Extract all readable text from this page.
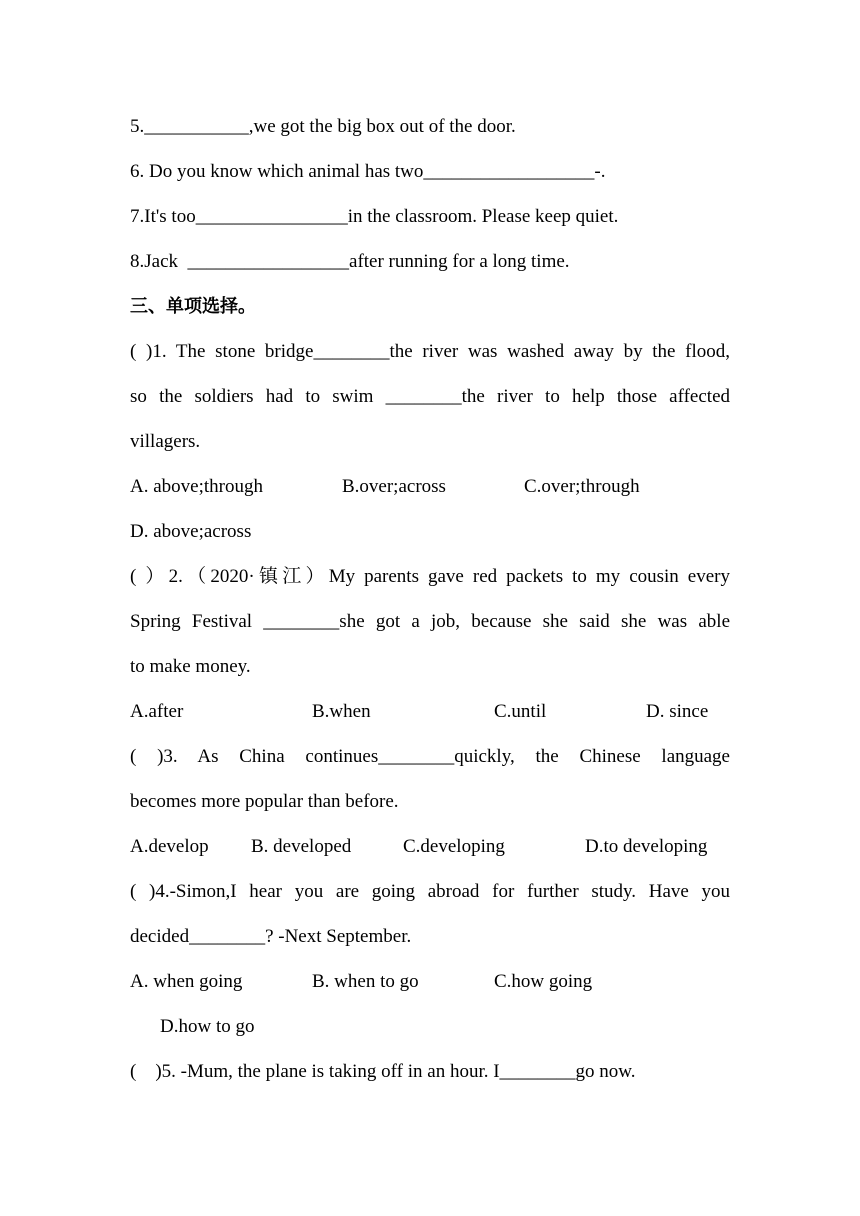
5.___________,we got the big box out of the door.
6. Do you know which animal has two__________________-.
7.It's too________________in the classroom. Please keep quiet.
8.Jack  _________________after running for a long time.
三、单项选择。
( )1. The stone bridge________the river was washed away by the flood,
so the soldiers had to swim ________the river to help those affected
villagers.

A. above;through

	B.over;across

	C.over;through

D. above;across
( ）2.（2020·镇江）My parents gave red packets to my cousin every
Spring Festival ________she got a job, because she said she was able
to make money.

A.after

	B.when

	C.until

	D. since

( )3. As China continues________quickly, the Chinese language
becomes more popular than before.

A.develop

B. developed

	C.developing

	D.to developing

( )4.-Simon,I hear you are going abroad for further study. Have you
decided________? -Next September.

A. when going

	B. when to go

	C.how going

D.how to go
(    )5. -Mum, the plane is taking off in an hour. I________go now.
